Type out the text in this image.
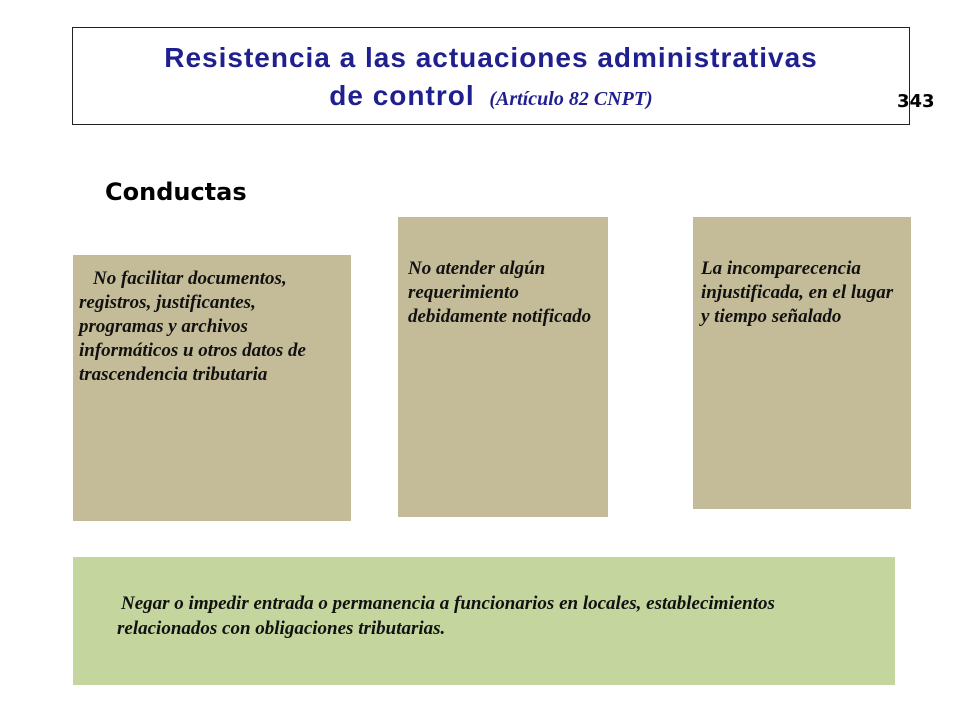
Resistencia a las actuaciones administrativas
de control (Artículo 82 CNPT)	343
Conductas
No facilitar documentos, registros, justificantes, programas y archivos informáticos u otros datos de trascendencia tributaria
No atender algún requerimiento debidamente notificado
La incomparecencia injustificada, en el lugar y tiempo señalado
Negar o impedir entrada o permanencia a funcionarios en locales, establecimientos relacionados con obligaciones tributarias.
